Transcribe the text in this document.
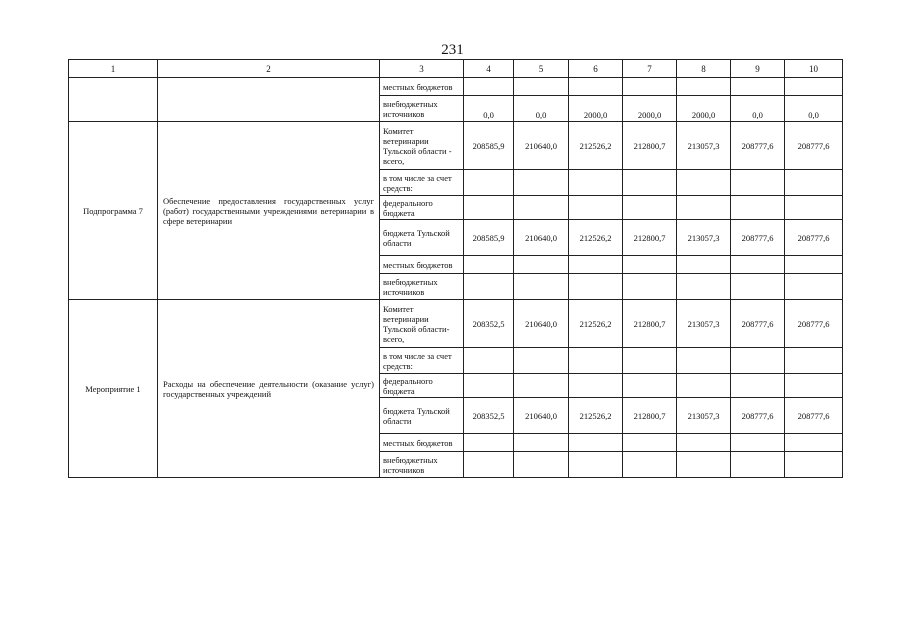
231
1	2	3	4	5	6	7	8	9	10
		местных бюджетов							
		внебюджетных источников	0,0	0,0	2000,0	2000,0	2000,0	0,0	0,0
Подпрограмма 7	Обеспечение предоставления государственных услуг (работ) государственными учреждениями ветеринарии в сфере ветеринарии	Комитет ветеринарии Тульской области - всего,	208585,9	210640,0	212526,2	212800,7	213057,3	208777,6	208777,6
		в том числе за счет средств:							
		федерального бюджета							
		бюджета Тульской области	208585,9	210640,0	212526,2	212800,7	213057,3	208777,6	208777,6
		местных бюджетов							
		внебюджетных источников							
Мероприятие 1	Расходы на обеспечение деятельности (оказание услуг) государственных учреждений	Комитет ветеринарии Тульской области- всего,	208352,5	210640,0	212526,2	212800,7	213057,3	208777,6	208777,6
		в том числе за счет средств:							
		федерального бюджета							
		бюджета Тульской области	208352,5	210640,0	212526,2	212800,7	213057,3	208777,6	208777,6
		местных бюджетов							
		внебюджетных источников							
